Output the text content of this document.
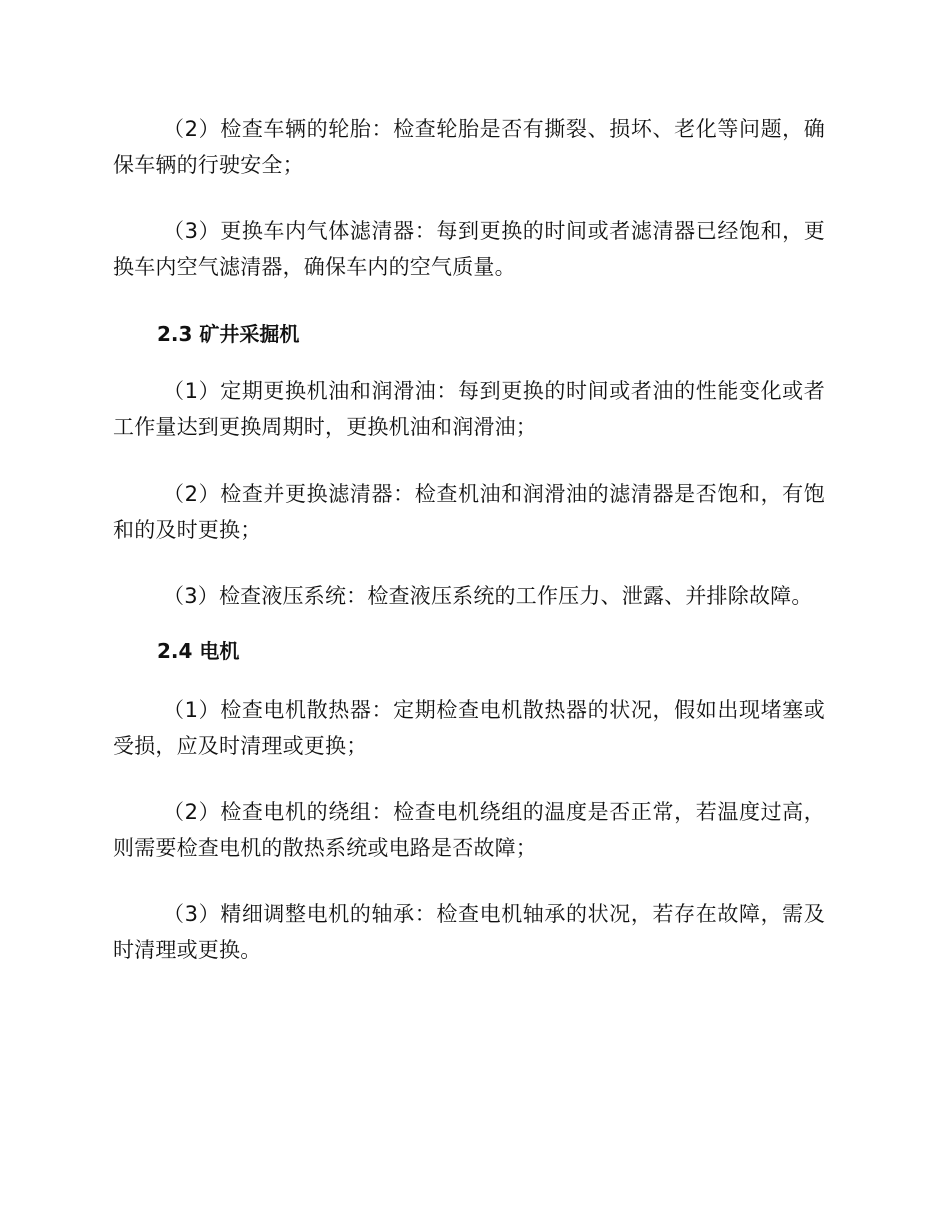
（2）检查车辆的轮胎：检查轮胎是否有撕裂、损坏、老化等问题，确保车辆的行驶安全；

（3）更换车内气体滤清器：每到更换的时间或者滤清器已经饱和，更换车内空气滤清器，确保车内的空气质量。

2.3 矿井采掘机

（1）定期更换机油和润滑油：每到更换的时间或者油的性能变化或者工作量达到更换周期时，更换机油和润滑油；

（2）检查并更换滤清器：检查机油和润滑油的滤清器是否饱和，有饱和的及时更换；

（3）检查液压系统：检查液压系统的工作压力、泄露、并排除故障。

2.4 电机

（1）检查电机散热器：定期检查电机散热器的状况，假如出现堵塞或受损，应及时清理或更换；

（2）检查电机的绕组：检查电机绕组的温度是否正常，若温度过高，则需要检查电机的散热系统或电路是否故障；

（3）精细调整电机的轴承：检查电机轴承的状况，若存在故障，需及时清理或更换。
